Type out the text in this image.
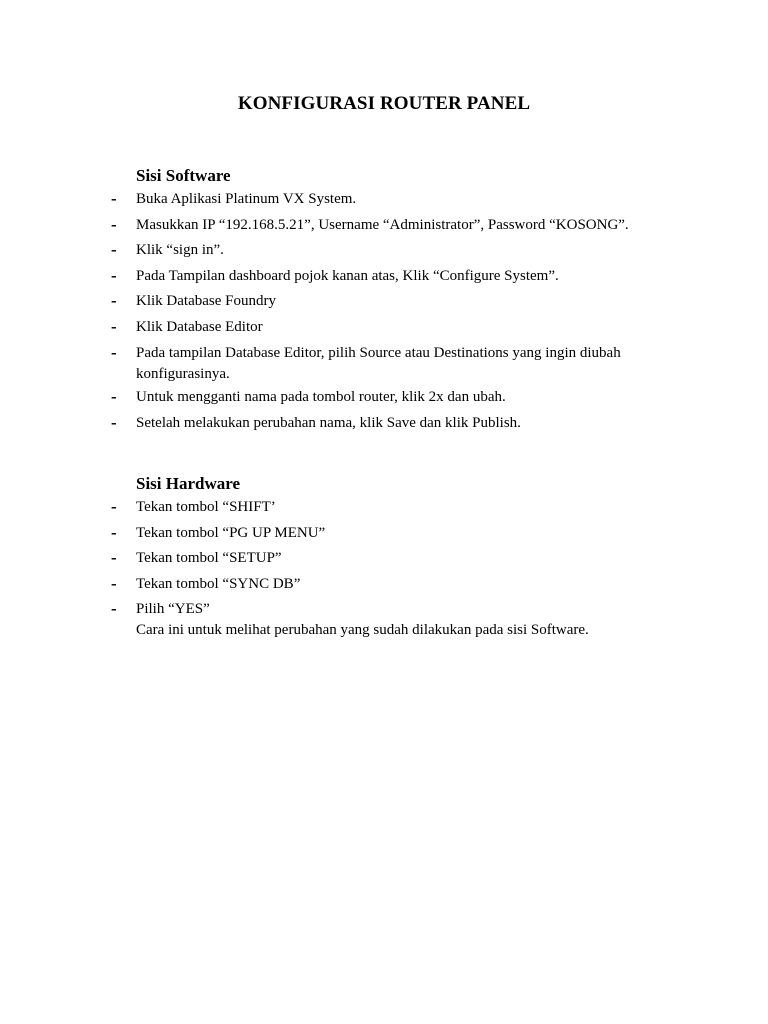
KONFIGURASI ROUTER PANEL
Sisi Software
- Buka Aplikasi Platinum VX System.
- Masukkan IP “192.168.5.21”, Username “Administrator”, Password “KOSONG”.
- Klik “sign in”.
- Pada Tampilan dashboard pojok kanan atas, Klik “Configure System”.
- Klik Database Foundry
- Klik Database Editor
- Pada tampilan Database Editor, pilih Source atau Destinations yang ingin diubah konfigurasinya.
- Untuk mengganti nama pada tombol router, klik 2x dan ubah.
- Setelah melakukan perubahan nama, klik Save dan klik Publish.
Sisi Hardware
- Tekan tombol “SHIFT’
- Tekan tombol “PG UP MENU”
- Tekan tombol “SETUP”
- Tekan tombol “SYNC DB”
- Pilih “YES”
Cara ini untuk melihat perubahan yang sudah dilakukan pada sisi Software.
